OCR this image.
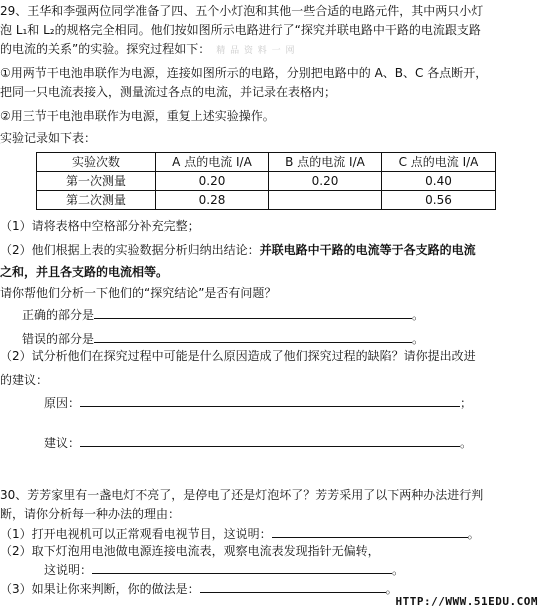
29、王华和李强两位同学准备了四、五个小灯泡和其他一些合适的电路元件，其中两只小灯
泡 L₁和 L₂的规格完全相同。他们按如图所示电路进行了“探究并联电路中干路的电流跟支路
的电流的关系”的实验。探究过程如下： 精 品 资 料 一 网
①用两节干电池串联作为电源，连接如图所示的电路，分别把电路中的 A、B、C 各点断开，
把同一只电流表接入，测量流过各点的电流，并记录在表格内；
②用三节干电池串联作为电源，重复上述实验操作。
实验记录如下表：
实验次数	A 点的电流 I/A	B 点的电流 I/A	C 点的电流 I/A
第一次测量	0.20	0.20	0.40
第二次测量	0.28		0.56
（1）请将表格中空格部分补充完整；
（2）他们根据上表的实验数据分析归纳出结论：并联电路中干路的电流等于各支路的电流
之和，并且各支路的电流相等。
请你帮他们分析一下他们的“探究结论”是否有问题？
正确的部分是	。
错误的部分是	。
（2）试分析他们在探究过程中可能是什么原因造成了他们探究过程的缺陷？请你提出改进
的建议：
原因：	；
建议：	。
30、芳芳家里有一盏电灯不亮了，是停电了还是灯泡坏了？芳芳采用了以下两种办法进行判
断，请你分析每一种办法的理由：
（1）打开电视机可以正常观看电视节目，这说明：	。
（2）取下灯泡用电池做电源连接电流表，观察电流表发现指针无偏转，
这说明：	。
（3）如果让你来判断，你的做法是：	。
HTTP://WWW.51EDU.COM
